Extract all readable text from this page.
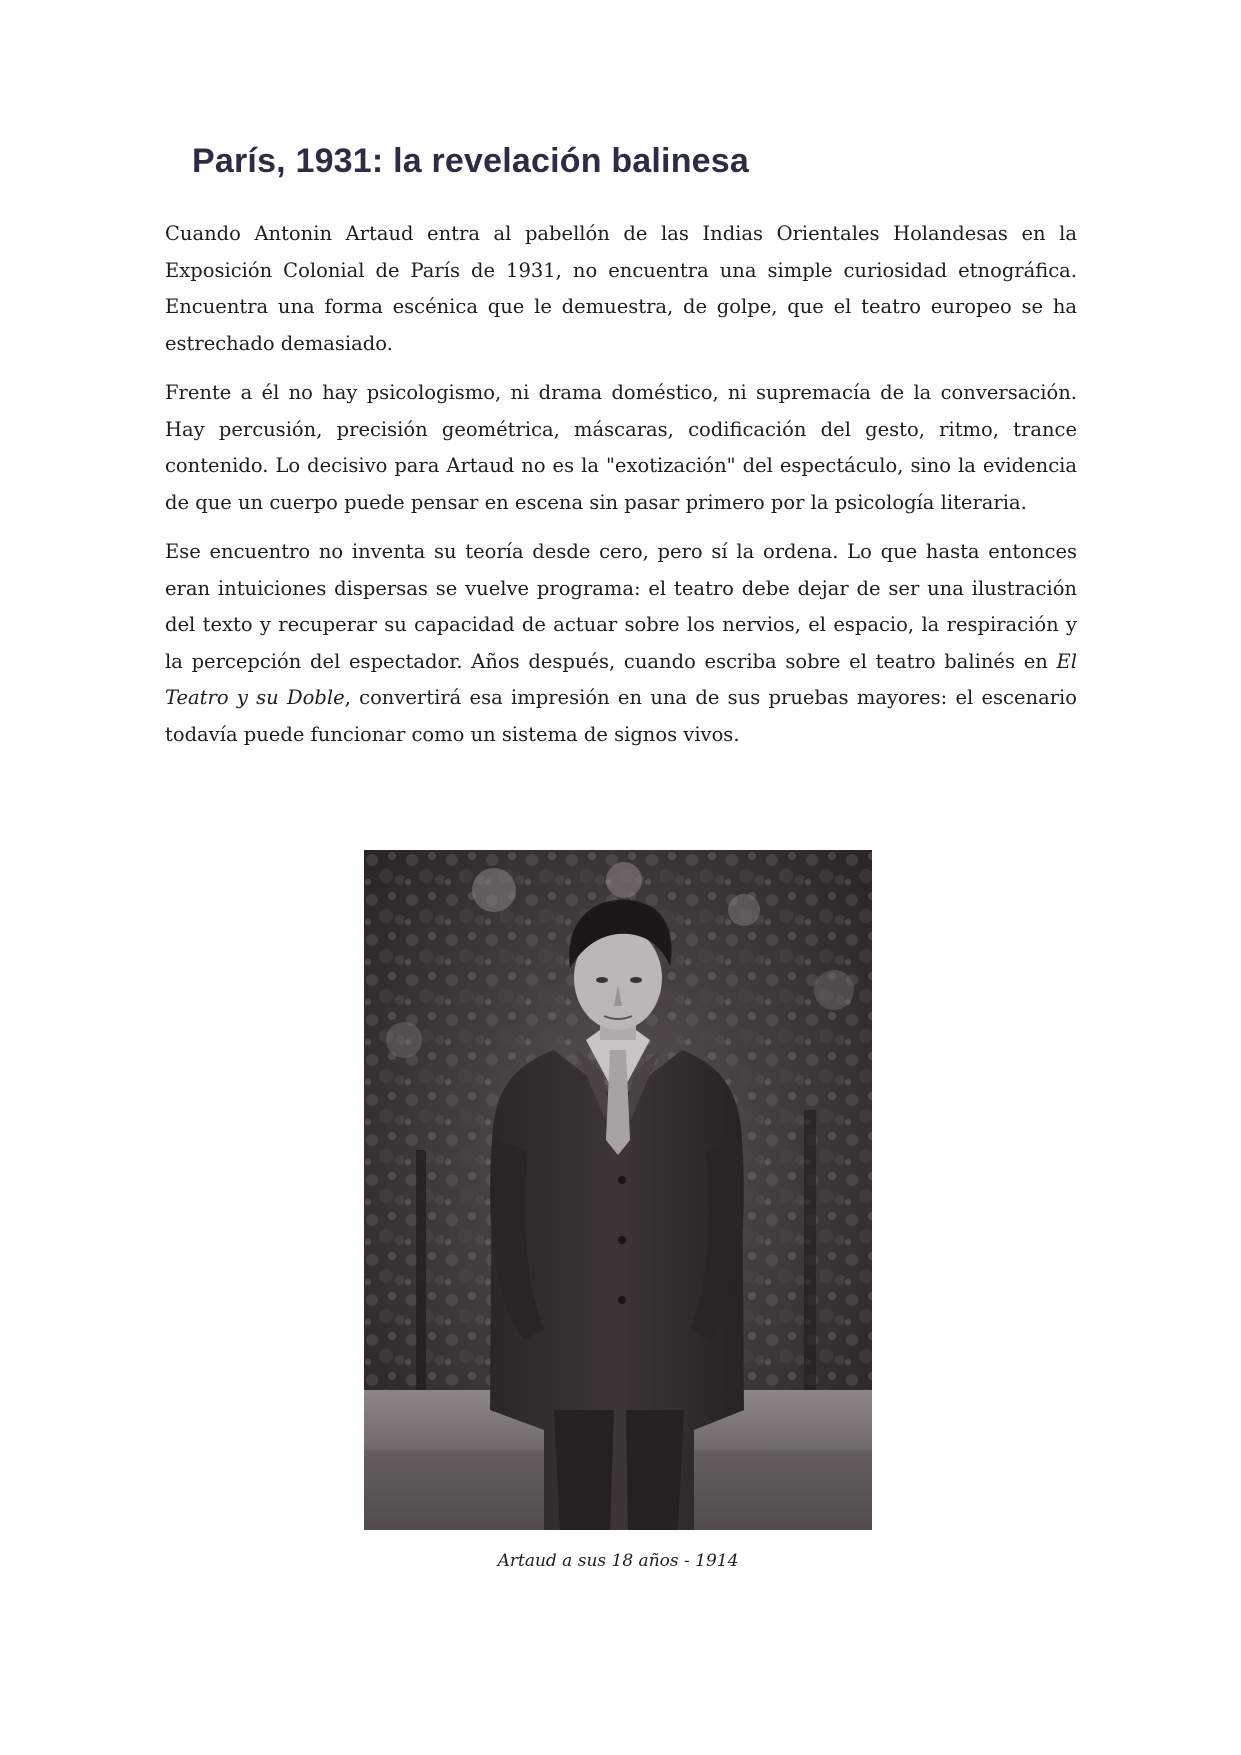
París, 1931: la revelación balinesa

Cuando Antonin Artaud entra al pabellón de las Indias Orientales Holandesas en la Exposición Colonial de París de 1931, no encuentra una simple curiosidad etnográfica. Encuentra una forma escénica que le demuestra, de golpe, que el teatro europeo se ha estrechado demasiado.

Frente a él no hay psicologismo, ni drama doméstico, ni supremacía de la conversación. Hay percusión, precisión geométrica, máscaras, codificación del gesto, ritmo, trance contenido. Lo decisivo para Artaud no es la "exotización" del espectáculo, sino la evidencia de que un cuerpo puede pensar en escena sin pasar primero por la psicología literaria.

Ese encuentro no inventa su teoría desde cero, pero sí la ordena. Lo que hasta entonces eran intuiciones dispersas se vuelve programa: el teatro debe dejar de ser una ilustración del texto y recuperar su capacidad de actuar sobre los nervios, el espacio, la respiración y la percepción del espectador. Años después, cuando escriba sobre el teatro balinés en El Teatro y su Doble, convertirá esa impresión en una de sus pruebas mayores: el escenario todavía puede funcionar como un sistema de signos vivos.

Artaud a sus 18 años - 1914
